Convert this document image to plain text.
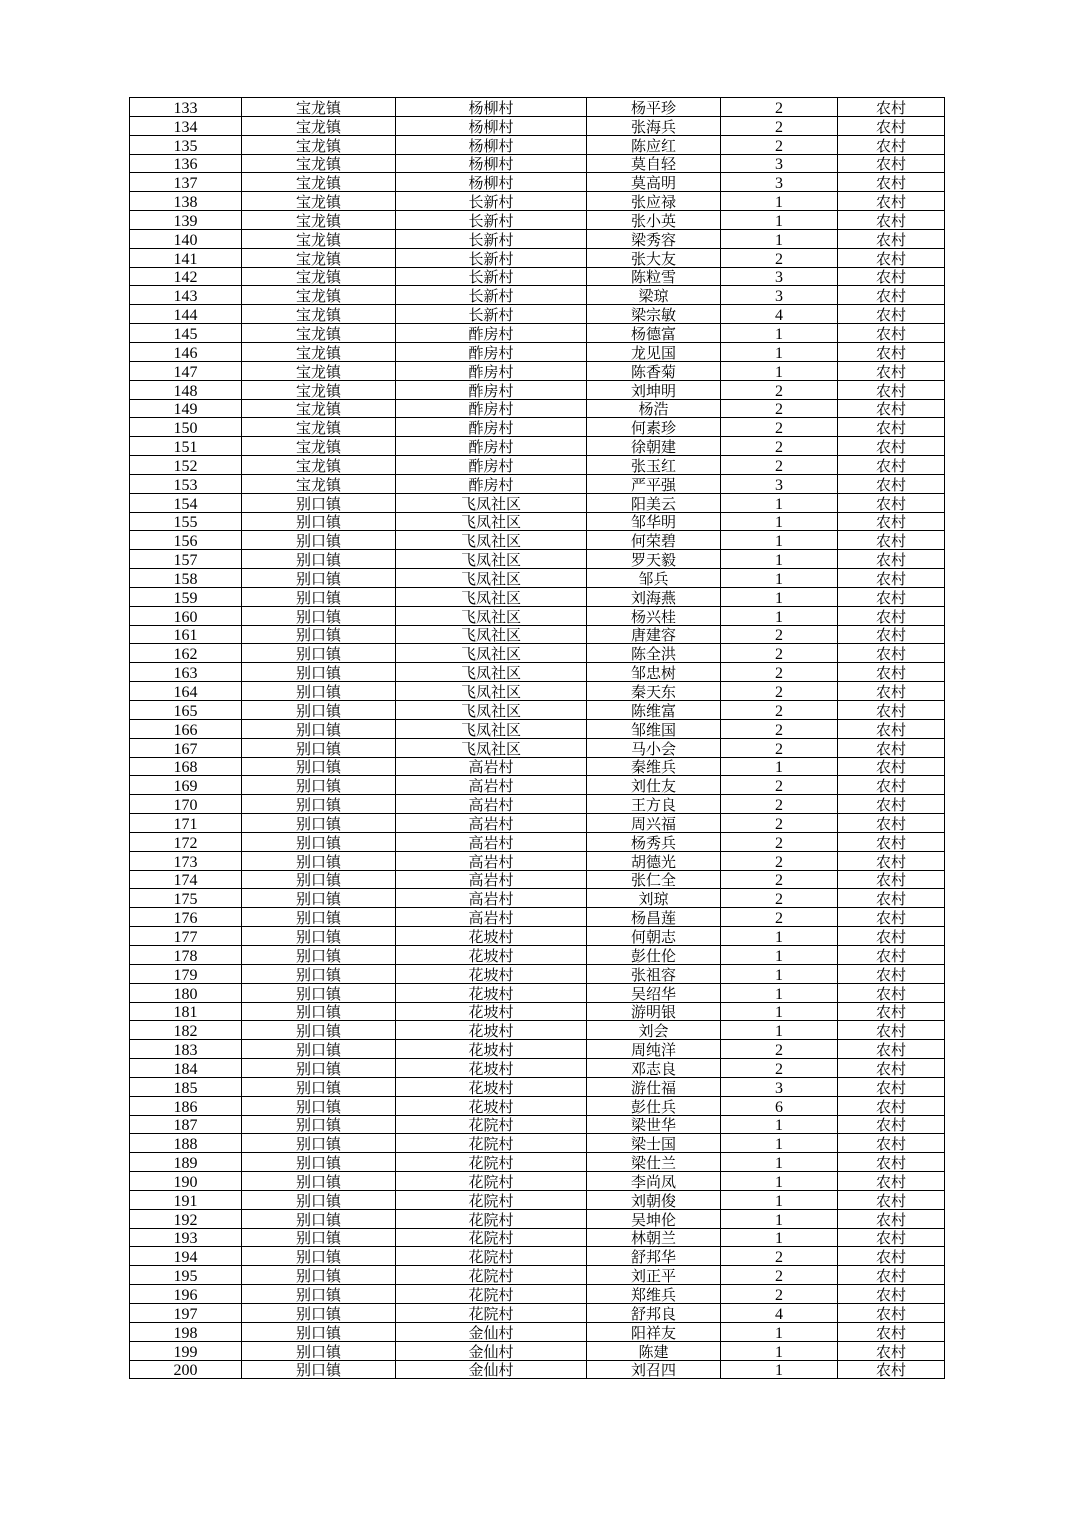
133	宝龙镇	杨柳村	杨平珍	2	农村
134	宝龙镇	杨柳村	张海兵	2	农村
135	宝龙镇	杨柳村	陈应红	2	农村
136	宝龙镇	杨柳村	莫自轻	3	农村
137	宝龙镇	杨柳村	莫高明	3	农村
138	宝龙镇	长新村	张应禄	1	农村
139	宝龙镇	长新村	张小英	1	农村
140	宝龙镇	长新村	梁秀容	1	农村
141	宝龙镇	长新村	张大友	2	农村
142	宝龙镇	长新村	陈粒雪	3	农村
143	宝龙镇	长新村	梁琼	3	农村
144	宝龙镇	长新村	梁宗敏	4	农村
145	宝龙镇	酢房村	杨德富	1	农村
146	宝龙镇	酢房村	龙见国	1	农村
147	宝龙镇	酢房村	陈香菊	1	农村
148	宝龙镇	酢房村	刘坤明	2	农村
149	宝龙镇	酢房村	杨浩	2	农村
150	宝龙镇	酢房村	何素珍	2	农村
151	宝龙镇	酢房村	徐朝建	2	农村
152	宝龙镇	酢房村	张玉红	2	农村
153	宝龙镇	酢房村	严平强	3	农村
154	别口镇	飞凤社区	阳美云	1	农村
155	别口镇	飞凤社区	邹华明	1	农村
156	别口镇	飞凤社区	何荣碧	1	农村
157	别口镇	飞凤社区	罗天毅	1	农村
158	别口镇	飞凤社区	邹兵	1	农村
159	别口镇	飞凤社区	刘海燕	1	农村
160	别口镇	飞凤社区	杨兴桂	1	农村
161	别口镇	飞凤社区	唐建容	2	农村
162	别口镇	飞凤社区	陈全洪	2	农村
163	别口镇	飞凤社区	邹忠树	2	农村
164	别口镇	飞凤社区	秦天东	2	农村
165	别口镇	飞凤社区	陈维富	2	农村
166	别口镇	飞凤社区	邹维国	2	农村
167	别口镇	飞凤社区	马小会	2	农村
168	别口镇	高岩村	秦维兵	1	农村
169	别口镇	高岩村	刘仕友	2	农村
170	别口镇	高岩村	王方良	2	农村
171	别口镇	高岩村	周兴福	2	农村
172	别口镇	高岩村	杨秀兵	2	农村
173	别口镇	高岩村	胡德光	2	农村
174	别口镇	高岩村	张仁全	2	农村
175	别口镇	高岩村	刘琼	2	农村
176	别口镇	高岩村	杨昌莲	2	农村
177	别口镇	花坡村	何朝志	1	农村
178	别口镇	花坡村	彭仕伦	1	农村
179	别口镇	花坡村	张祖容	1	农村
180	别口镇	花坡村	吴绍华	1	农村
181	别口镇	花坡村	游明银	1	农村
182	别口镇	花坡村	刘会	1	农村
183	别口镇	花坡村	周纯洋	2	农村
184	别口镇	花坡村	邓志良	2	农村
185	别口镇	花坡村	游仕福	3	农村
186	别口镇	花坡村	彭仕兵	6	农村
187	别口镇	花院村	梁世华	1	农村
188	别口镇	花院村	梁士国	1	农村
189	别口镇	花院村	梁仕兰	1	农村
190	别口镇	花院村	李尚凤	1	农村
191	别口镇	花院村	刘朝俊	1	农村
192	别口镇	花院村	吴坤伦	1	农村
193	别口镇	花院村	林朝兰	1	农村
194	别口镇	花院村	舒邦华	2	农村
195	别口镇	花院村	刘正平	2	农村
196	别口镇	花院村	郑维兵	2	农村
197	别口镇	花院村	舒邦良	4	农村
198	别口镇	金仙村	阳祥友	1	农村
199	别口镇	金仙村	陈建	1	农村
200	别口镇	金仙村	刘召四	1	农村
